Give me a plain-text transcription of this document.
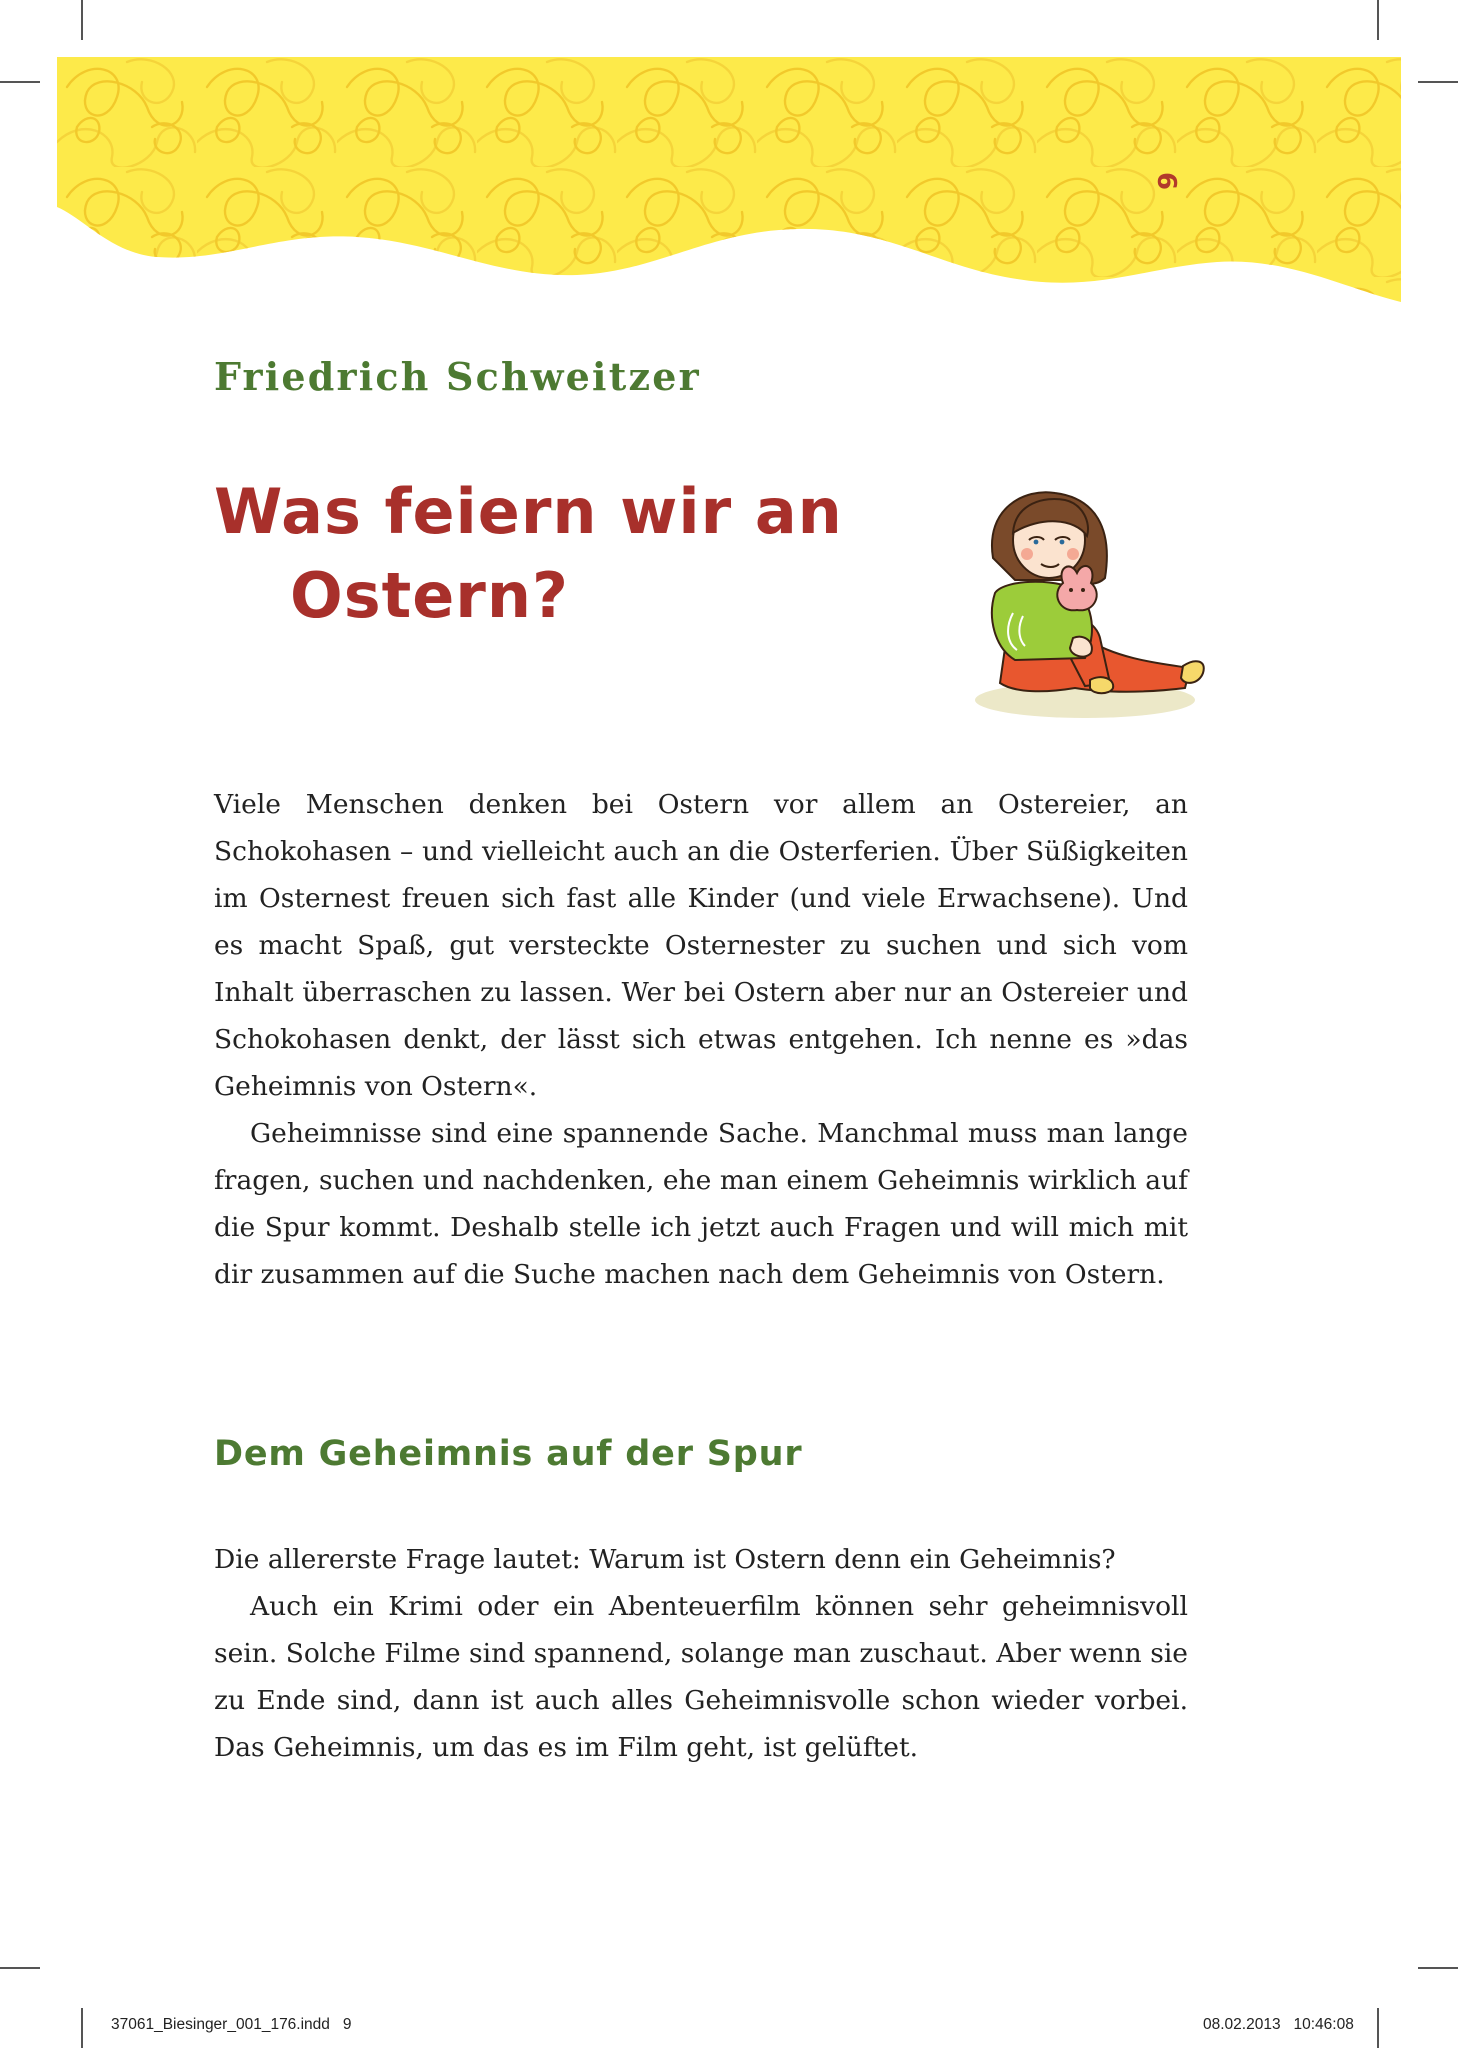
9
Friedrich Schweitzer
Was feiern wir an
Ostern?

Viele Menschen denken bei Ostern vor allem an Ostereier, an Schokohasen – und vielleicht auch an die Osterferien. Über Süßigkeiten im Osternest freuen sich fast alle Kinder (und viele Erwachsene). Und es macht Spaß, gut versteckte Osternester zu suchen und sich vom Inhalt überraschen zu lassen. Wer bei Ostern aber nur an Ostereier und Schokohasen denkt, der lässt sich etwas entgehen. Ich nenne es »das Geheimnis von Ostern«.

Geheimnisse sind eine spannende Sache. Manchmal muss man lange fragen, suchen und nachdenken, ehe man einem Geheimnis wirklich auf die Spur kommt. Deshalb stelle ich jetzt auch Fragen und will mich mit dir zusammen auf die Suche machen nach dem Geheimnis von Ostern.

Dem Geheimnis auf der Spur

Die allererste Frage lautet: Warum ist Ostern denn ein Geheimnis?

Auch ein Krimi oder ein Abenteuerfilm können sehr geheimnisvoll sein. Solche Filme sind spannend, solange man zuschaut. Aber wenn sie zu Ende sind, dann ist auch alles Geheimnisvolle schon wieder vorbei. Das Geheimnis, um das es im Film geht, ist gelüftet.

37061_Biesinger_001_176.indd   9	08.02.2013   10:46:08
